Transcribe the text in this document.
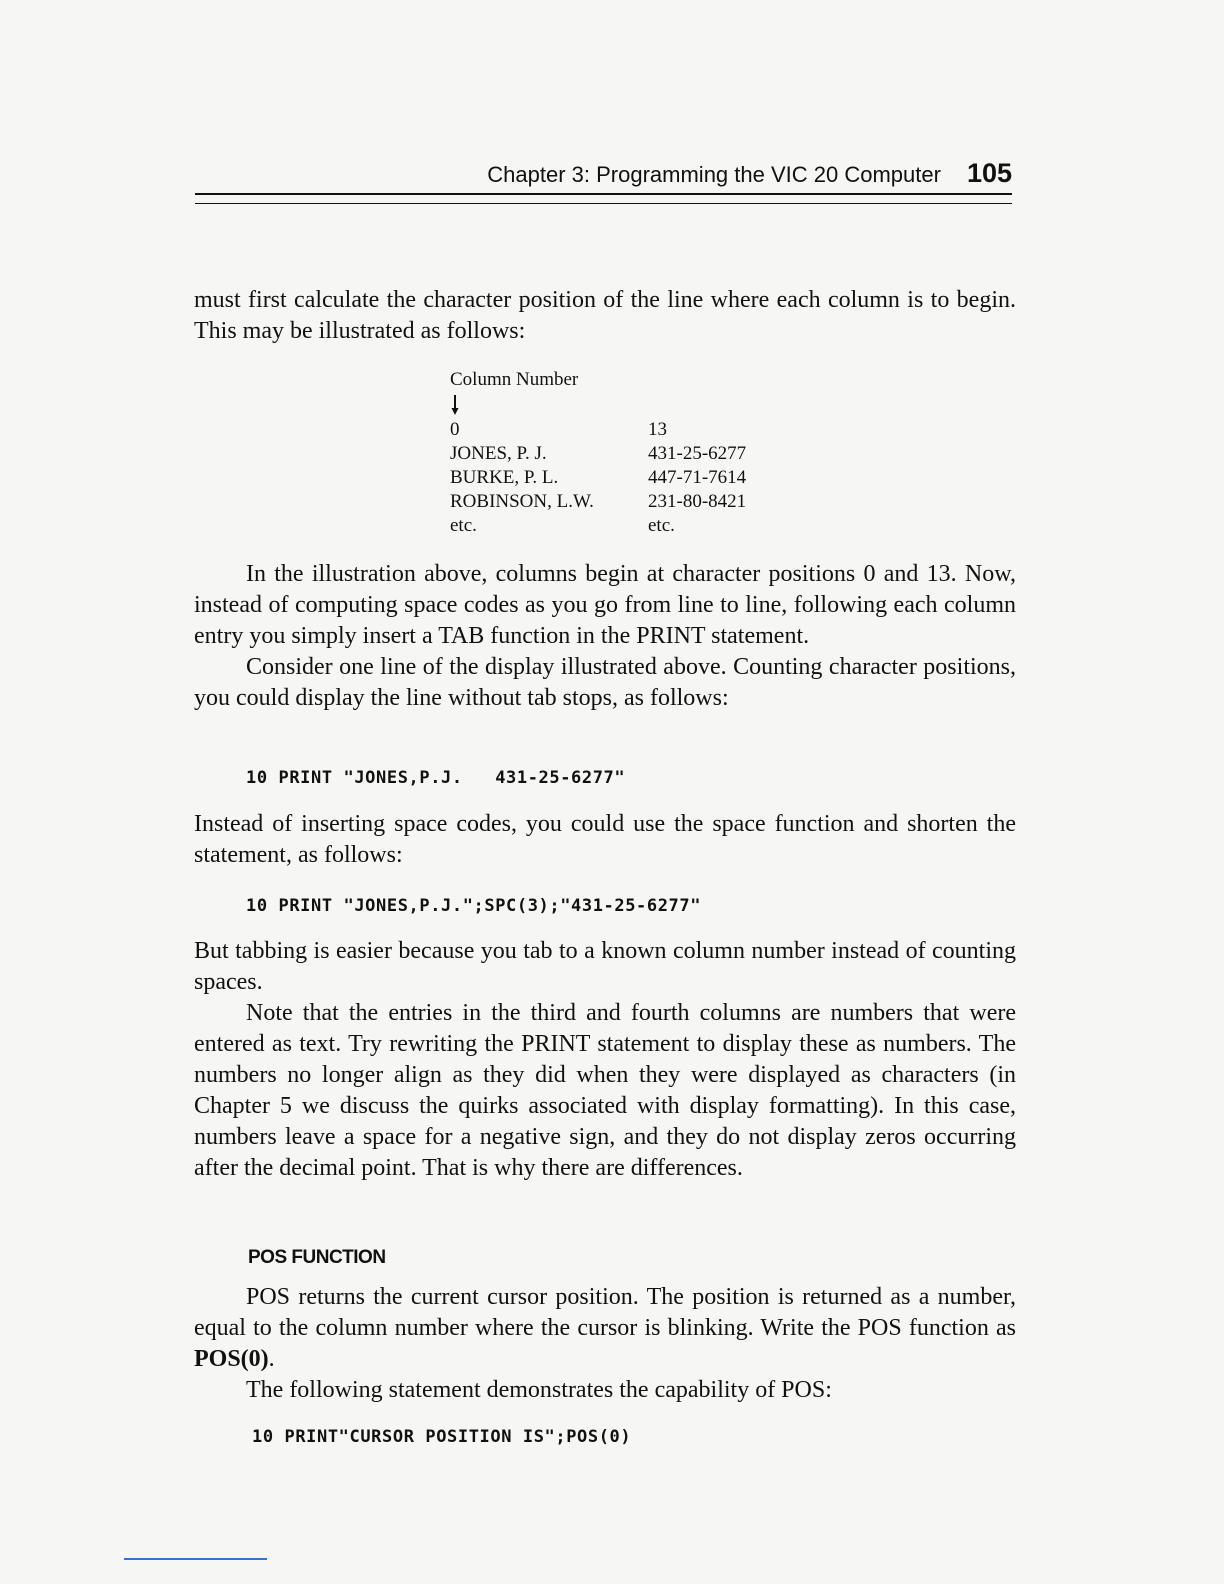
Chapter 3: Programming the VIC 20 Computer 105

must first calculate the character position of the line where each column is to begin. This may be illustrated as follows:

Column Number
0	13
JONES, P. J.	431-25-6277
BURKE, P. L.	447-71-7614
ROBINSON, L.W.	231-80-8421
etc.	etc.

In the illustration above, columns begin at character positions 0 and 13. Now, instead of computing space codes as you go from line to line, following each column entry you simply insert a TAB function in the PRINT statement.

Consider one line of the display illustrated above. Counting character positions, you could display the line without tab stops, as follows:

10 PRINT "JONES,P.J.   431-25-6277"

Instead of inserting space codes, you could use the space function and shorten the statement, as follows:

10 PRINT "JONES,P.J.";SPC(3);"431-25-6277"

But tabbing is easier because you tab to a known column number instead of counting spaces.

Note that the entries in the third and fourth columns are numbers that were entered as text. Try rewriting the PRINT statement to display these as numbers. The numbers no longer align as they did when they were displayed as characters (in Chapter 5 we discuss the quirks associated with display formatting). In this case, numbers leave a space for a negative sign, and they do not display zeros occurring after the decimal point. That is why there are differences.

POS FUNCTION

POS returns the current cursor position. The position is returned as a number, equal to the column number where the cursor is blinking. Write the POS function as POS(0).

The following statement demonstrates the capability of POS:

10 PRINT"CURSOR POSITION IS";POS(0)
